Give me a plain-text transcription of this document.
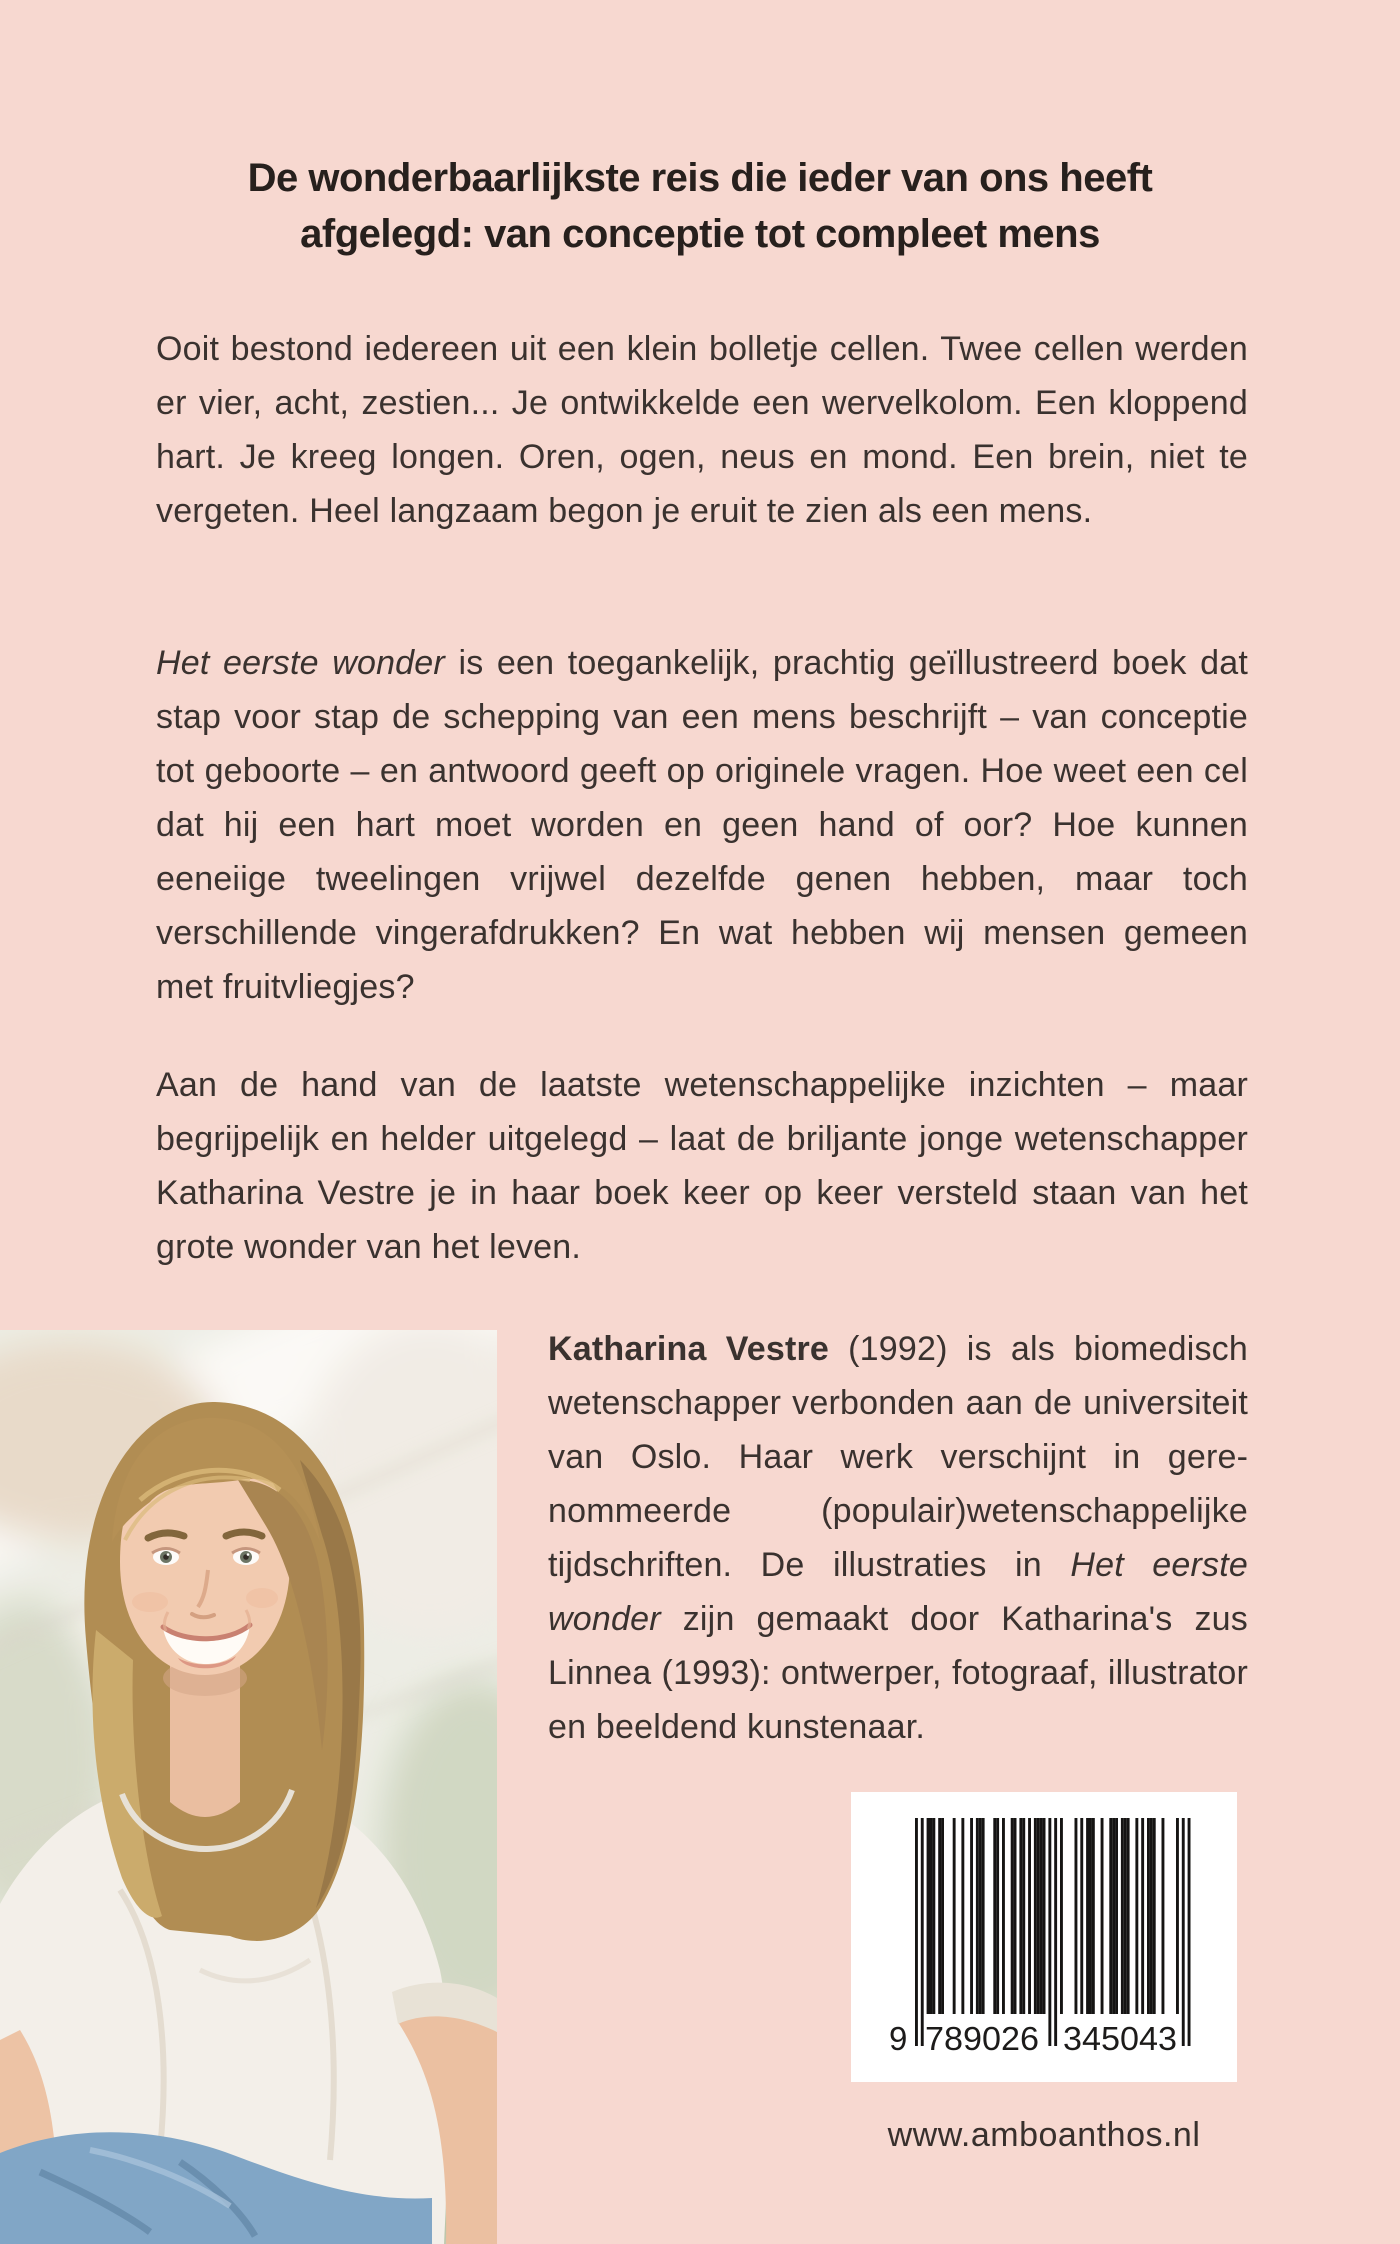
De wonderbaarlijkste reis die ieder van ons heeft
afgelegd: van conceptie tot compleet mens
Ooit bestond iedereen uit een klein bolletje cellen. Twee cellen werden er vier, acht, zestien... Je ontwikkelde een wervelkolom. Een kloppend hart. Je kreeg longen. Oren, ogen, neus en mond. Een brein, niet te vergeten. Heel langzaam begon je eruit te zien als een mens.
Het eerste wonder is een toegankelijk, prachtig geïllustreerd boek dat stap voor stap de schepping van een mens beschrijft – van conceptie tot geboorte – en antwoord geeft op originele vragen. Hoe weet een cel dat hij een hart moet worden en geen hand of oor? Hoe kunnen eeneiige tweelingen vrijwel dezelfde genen hebben, maar toch verschillende vingerafdrukken? En wat hebben wij mensen gemeen met fruitvliegjes?
Aan de hand van de laatste wetenschappelijke inzichten – maar begrijpelijk en helder uitgelegd – laat de briljante jonge wetenschapper Katharina Vestre je in haar boek keer op keer versteld staan van het grote wonder van het leven.
Katharina Vestre (1992) is als biomedisch wetenschapper verbonden aan de universiteit van Oslo. Haar werk verschijnt in gerenommeerde (populair)wetenschappelijke tijdschriften. De illustraties in Het eerste wonder zijn gemaakt door Katharina's zus Linnea (1993): ontwerper, fotograaf, illustrator en beeldend kunstenaar.
9 789026 345043
www.amboanthos.nl
